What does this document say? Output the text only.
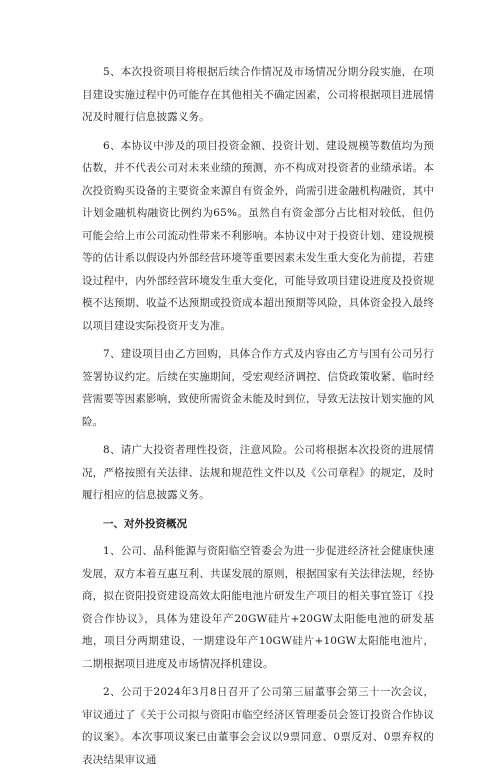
5、本次投资项目将根据后续合作情况及市场情况分期分段实施，在项目建设实施过程中仍可能存在其他相关不确定因素，公司将根据项目进展情况及时履行信息披露义务。

6、本协议中涉及的项目投资金额、投资计划、建设规模等数值均为预估数，并不代表公司对未来业绩的预测，亦不构成对投资者的业绩承诺。本次投资购买设备的主要资金来源自有资金外，尚需引进金融机构融资，其中计划金融机构融资比例约为65%。虽然自有资金部分占比相对较低，但仍可能会给上市公司流动性带来不利影响。本协议中对于投资计划、建设规模等的估计系以假设内外部经营环境等重要因素未发生重大变化为前提，若建设过程中，内外部经营环境发生重大变化，可能导致项目建设进度及投资规模不达预期、收益不达预期或投资成本超出预期等风险，具体资金投入最终以项目建设实际投资开支为准。

7、建设项目由乙方回购，具体合作方式及内容由乙方与国有公司另行签署协议约定。后续在实施期间，受宏观经济调控、信贷政策收紧、临时经营需要等因素影响，致使所需资金未能及时到位，导致无法按计划实施的风险。

8、请广大投资者理性投资，注意风险。公司将根据本次投资的进展情况，严格按照有关法律、法规和规范性文件以及《公司章程》的规定，及时履行相应的信息披露义务。

一、对外投资概况

1、公司、晶科能源与资阳临空管委会为进一步促进经济社会健康快速发展，双方本着互惠互利、共谋发展的原则，根据国家有关法律法规，经协商，拟在资阳投资建设高效太阳能电池片研发生产项目的相关事宜签订《投资合作协议》，具体为建设年产20GW硅片+20GW太阳能电池的研发基地，项目分两期建设，一期建设年产10GW硅片+10GW太阳能电池片，二期根据项目进度及市场情况择机建设。

2、公司于2024年3月8日召开了公司第三届董事会第三十一次会议，审议通过了《关于公司拟与资阳市临空经济区管理委员会签订投资合作协议的议案》。本次事项议案已由董事会会议以9票同意、0票反对、0票弃权的表决结果审议通
